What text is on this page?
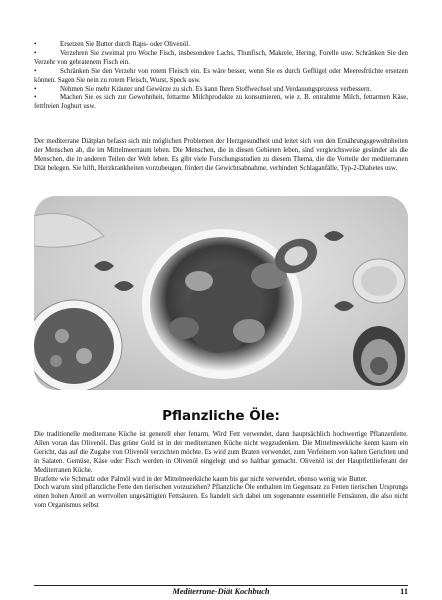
•	Ersetzen Sie Butter durch Raps- oder Olivenöl.

•	Verzehren Sie zweimal pro Woche Fisch, insbesondere Lachs, Thunfisch, Makrele, Hering, Forelle usw. Schränken Sie den Verzehr von gebratenem Fisch ein.

•	Schränken Sie den Verzehr von rotem Fleisch ein. Es wäre besser, wenn Sie es durch Geflügel oder Meeresfrüchte ersetzen können. Sagen Sie nein zu rotem Fleisch, Wurst, Speck usw.

•	Nehmen Sie mehr Kräuter und Gewürze zu sich. Es kann Ihren Stoffwechsel und Verdauungsprozess verbessern.

•	Machen Sie es sich zur Gewohnheit, fettarme Milchprodukte zu konsumieren, wie z. B. entrahmte Milch, fettarmen Käse, fettfreien Joghurt usw.

Der mediterrane Diätplan befasst sich mit möglichen Problemen der Herzgesundheit und leitet sich von den Ernährungsgewohnheiten der Menschen ab, die im Mittelmeerraum leben. Die Menschen, die in diesen Gebieten leben, sind vergleichsweise gesünder als die Menschen, die in anderen Teilen der Welt leben. Es gibt viele Forschungsstudien zu diesem Thema, die die Vorteile der mediterranen Diät belegen. Sie hilft, Herzkrankheiten vorzubeugen, fördert die Gewichtsabnahme, verhindert Schlaganfälle, Typ-2-Diabetes usw.
Pflanzliche Öle:
Die traditionelle mediterrane Küche ist generell eher fettarm. Wird Fett verwendet, dann hauptsächlich hochwertige Pflanzenfette. Allen voran das Olivenöl. Das grüne Gold ist in der mediterranen Küche nicht wegzudenken. Die Mittelmeerküche kennt kaum ein Gericht, das auf die Zugabe von Olivenöl verzichten möchte. Es wird zum Braten verwendet, zum Verfeinern von kalten Gerichten und in Salaten. Gemüse, Käse oder Fisch werden in Olivenöl eingelegt und so haltbar gemacht. Olivenöl ist der Hauptfettlieferant der Mediterranen Küche.
Bratfette wie Schmalz oder Palmöl wird in der Mittelmeerküche kaum bis gar nicht verwendet, ebenso wenig wie Butter.
Doch warum sind pflanzliche Fette den tierischen vorzuziehen? Pflanzliche Öle enthalten im Gegensatz zu Fetten tierischen Ursprungs einen hohen Anteil an wertvollen ungesättigten Fettsäuren. Es handelt sich dabei um sogenannte essentielle Fettsäuren, die also nicht vom Organismus selbst
Mediterrane-Diät Kochbuch	11
